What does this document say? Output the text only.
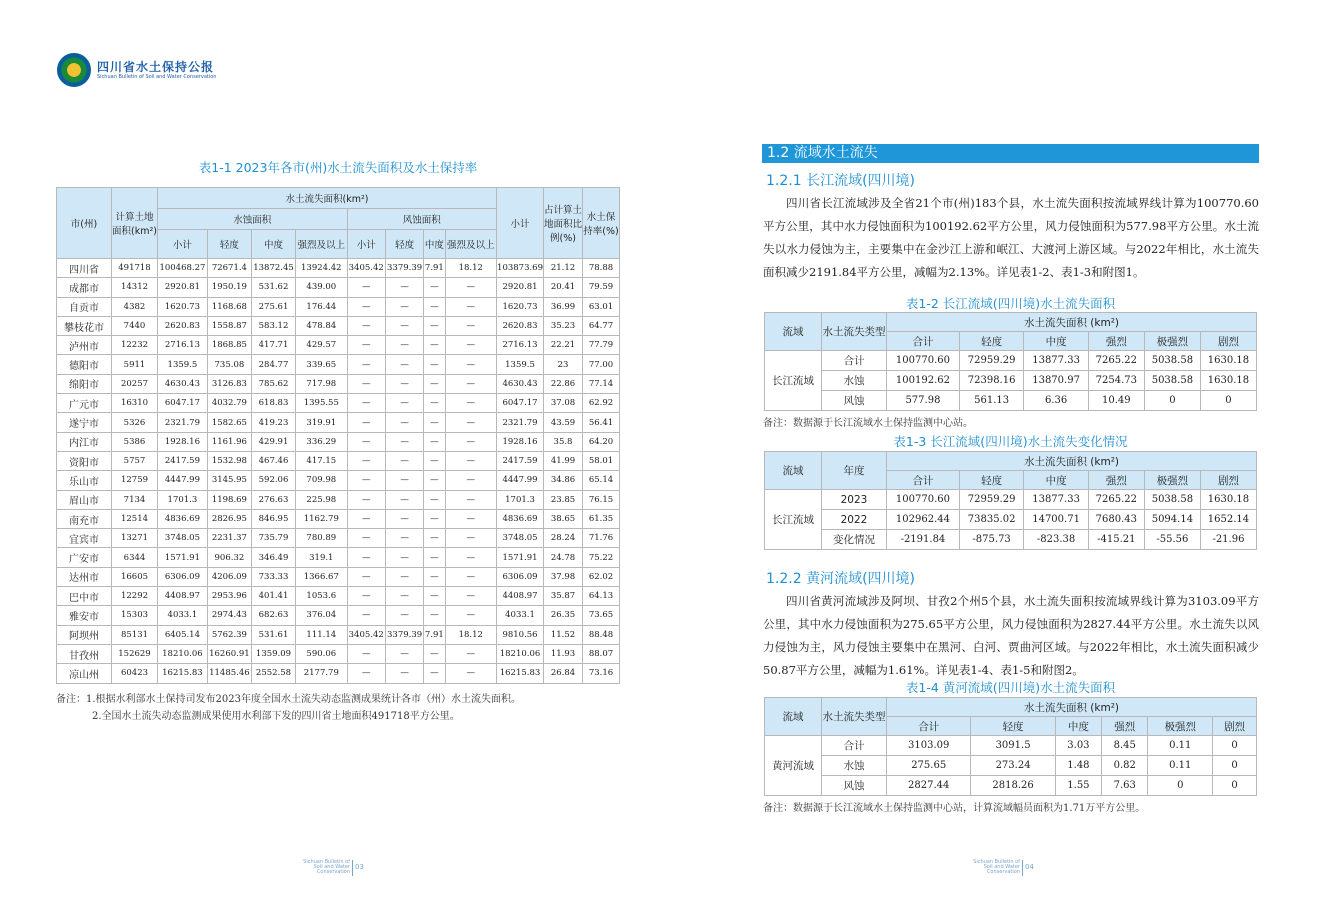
四川省水土保持公报
Sichuan Bulletin of Soil and Water Conservation
表1-1 2023年各市(州)水土流失面积及水土保持率
市(州)	计算土地面积(km²)	水土流失面积(km²)								小计	占计算土地面积比例(%)	水土保持率(%)
		水蚀面积				风蚀面积						
		小计	轻度	中度	强烈及以上	小计	轻度	中度	强烈及以上			
四川省	491718	100468.27	72671.4	13872.45	13924.42	3405.42	3379.39	7.91	18.12	103873.69	21.12	78.88
成都市	14312	2920.81	1950.19	531.62	439.00	—	—	—	—	2920.81	20.41	79.59
自贡市	4382	1620.73	1168.68	275.61	176.44	—	—	—	—	1620.73	36.99	63.01
攀枝花市	7440	2620.83	1558.87	583.12	478.84	—	—	—	—	2620.83	35.23	64.77
泸州市	12232	2716.13	1868.85	417.71	429.57	—	—	—	—	2716.13	22.21	77.79
德阳市	5911	1359.5	735.08	284.77	339.65	—	—	—	—	1359.5	23	77.00
绵阳市	20257	4630.43	3126.83	785.62	717.98	—	—	—	—	4630.43	22.86	77.14
广元市	16310	6047.17	4032.79	618.83	1395.55	—	—	—	—	6047.17	37.08	62.92
遂宁市	5326	2321.79	1582.65	419.23	319.91	—	—	—	—	2321.79	43.59	56.41
内江市	5386	1928.16	1161.96	429.91	336.29	—	—	—	—	1928.16	35.8	64.20
资阳市	5757	2417.59	1532.98	467.46	417.15	—	—	—	—	2417.59	41.99	58.01
乐山市	12759	4447.99	3145.95	592.06	709.98	—	—	—	—	4447.99	34.86	65.14
眉山市	7134	1701.3	1198.69	276.63	225.98	—	—	—	—	1701.3	23.85	76.15
南充市	12514	4836.69	2826.95	846.95	1162.79	—	—	—	—	4836.69	38.65	61.35
宜宾市	13271	3748.05	2231.37	735.79	780.89	—	—	—	—	3748.05	28.24	71.76
广安市	6344	1571.91	906.32	346.49	319.1	—	—	—	—	1571.91	24.78	75.22
达州市	16605	6306.09	4206.09	733.33	1366.67	—	—	—	—	6306.09	37.98	62.02
巴中市	12292	4408.97	2953.96	401.41	1053.6	—	—	—	—	4408.97	35.87	64.13
雅安市	15303	4033.1	2974.43	682.63	376.04	—	—	—	—	4033.1	26.35	73.65
阿坝州	85131	6405.14	5762.39	531.61	111.14	3405.42	3379.39	7.91	18.12	9810.56	11.52	88.48
甘孜州	152629	18210.06	16260.91	1359.09	590.06	—	—	—	—	18210.06	11.93	88.07
凉山州	60423	16215.83	11485.46	2552.58	2177.79	—	—	—	—	16215.83	26.84	73.16
备注：1.根据水利部水土保持司发布2023年度全国水土流失动态监测成果统计各市（州）水土流失面积。
2.全国水土流失动态监测成果使用水利部下发的四川省土地面积491718平方公里。
1.2 流域水土流失
1.2.1 长江流域(四川境)
四川省长江流域涉及全省21个市(州)183个县，水土流失面积按流域界线计算为100770.60平方公里，其中水力侵蚀面积为100192.62平方公里，风力侵蚀面积为577.98平方公里。水土流失以水力侵蚀为主，主要集中在金沙江上游和岷江、大渡河上游区域。与2022年相比，水土流失面积减少2191.84平方公里，减幅为2.13%。详见表1-2、表1-3和附图1。
表1-2 长江流域(四川境)水土流失面积
流域	水土流失类型	水土流失面积 (km²)					
		合计	轻度	中度	强烈	极强烈	剧烈
长江流域	合计	100770.60	72959.29	13877.33	7265.22	5038.58	1630.18
	水蚀	100192.62	72398.16	13870.97	7254.73	5038.58	1630.18
	风蚀	577.98	561.13	6.36	10.49	0	0
备注：数据源于长江流域水土保持监测中心站。
表1-3 长江流域(四川境)水土流失变化情况
流域	年度	水土流失面积 (km²)					
		合计	轻度	中度	强烈	极强烈	剧烈
长江流域	2023	100770.60	72959.29	13877.33	7265.22	5038.58	1630.18
	2022	102962.44	73835.02	14700.71	7680.43	5094.14	1652.14
	变化情况	-2191.84	-875.73	-823.38	-415.21	-55.56	-21.96
1.2.2 黄河流域(四川境)
四川省黄河流域涉及阿坝、甘孜2个州5个县，水土流失面积按流域界线计算为3103.09平方公里，其中水力侵蚀面积为275.65平方公里，风力侵蚀面积为2827.44平方公里。水土流失以风力侵蚀为主，风力侵蚀主要集中在黑河、白河、贾曲河区域。与2022年相比，水土流失面积减少50.87平方公里，减幅为1.61%。详见表1-4、表1-5和附图2。
表1-4 黄河流域(四川境)水土流失面积
流域	水土流失类型	水土流失面积 (km²)					
		合计	轻度	中度	强烈	极强烈	剧烈
黄河流域	合计	3103.09	3091.5	3.03	8.45	0.11	0
	水蚀	275.65	273.24	1.48	0.82	0.11	0
	风蚀	2827.44	2818.26	1.55	7.63	0	0
备注：数据源于长江流域水土保持监测中心站，计算流域幅员面积为1.71万平方公里。
Sichuan Bulletin of Soil and Water Conservation
03
Sichuan Bulletin of Soil and Water Conservation
04
